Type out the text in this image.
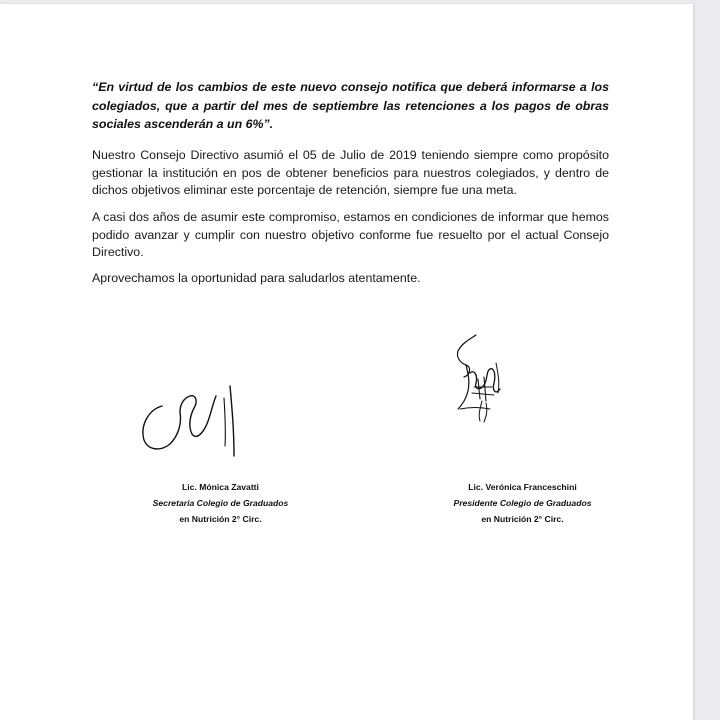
“En virtud de los cambios de este nuevo consejo notifica que deberá informarse a los colegiados, que a partir del mes de septiembre las retenciones a los pagos de obras sociales ascenderán a un 6%”.

Nuestro Consejo Directivo asumió el 05 de Julio de 2019 teniendo siempre como propósito gestionar la institución en pos de obtener beneficios para nuestros colegiados, y dentro de dichos objetivos eliminar este porcentaje de retención, siempre fue una meta.

A casi dos años de asumir este compromiso, estamos en condiciones de informar que hemos podido avanzar y cumplir con nuestro objetivo conforme fue resuelto por el actual Consejo Directivo.

Aprovechamos la oportunidad para saludarlos atentamente.

Lic. Mónica Zavatti
Secretaria Colegio de Graduados
en Nutrición 2° Circ.
Lic. Verónica Franceschini
Presidente Colegio de Graduados
en Nutrición 2° Circ.
